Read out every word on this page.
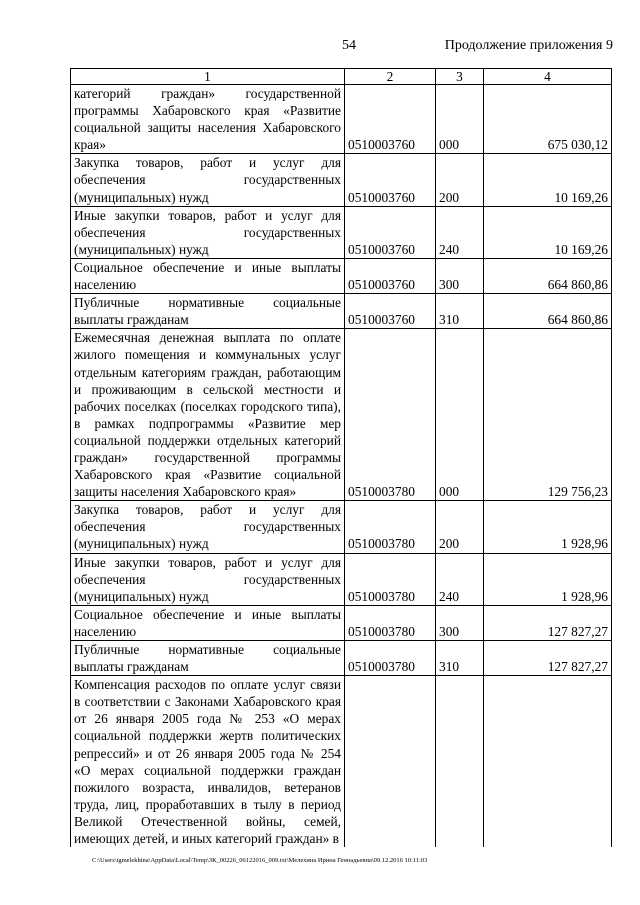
54	Продолжение приложения 9
1	2	3	4
категорий граждан» государственной программы Хабаровского края «Развитие социальной защиты населения Хабаровского края»	0510003760	000	675 030,12
Закупка товаров, работ и услуг для обеспечения государственных (муниципальных) нужд	0510003760	200	10 169,26
Иные закупки товаров, работ и услуг для обеспечения государственных (муниципальных) нужд	0510003760	240	10 169,26
Социальное обеспечение и иные выплаты населению	0510003760	300	664 860,86
Публичные нормативные социальные выплаты гражданам	0510003760	310	664 860,86
Ежемесячная денежная выплата по оплате жилого помещения и коммунальных услуг отдельным категориям граждан, работающим и проживающим в сельской местности и рабочих поселках (поселках городского типа), в рамках подпрограммы «Развитие мер социальной поддержки отдельных категорий граждан» государственной программы Хабаровского края «Развитие социальной защиты населения Хабаровского края»	0510003780	000	129 756,23
Закупка товаров, работ и услуг для обеспечения государственных (муниципальных) нужд	0510003780	200	1 928,96
Иные закупки товаров, работ и услуг для обеспечения государственных (муниципальных) нужд	0510003780	240	1 928,96
Социальное обеспечение и иные выплаты населению	0510003780	300	127 827,27
Публичные нормативные социальные выплаты гражданам	0510003780	310	127 827,27
Компенсация расходов по оплате услуг связи в соответствии с Законами Хабаровского края от 26 января 2005 года № 253 «О мерах социальной поддержки жертв политических репрессий» и от 26 января 2005 года № 254 «О мерах социальной поддержки граждан пожилого возраста, инвалидов, ветеранов труда, лиц, проработавших в тылу в период Великой Отечественной войны, семей, имеющих детей, и иных категорий граждан» в			
C:\Users\igmelekhina\AppData\Local\Temp\ЗК_00226_06122016_009.txt\Мелехина Ирина Геннадьевна\09.12.2016 10:11:03
